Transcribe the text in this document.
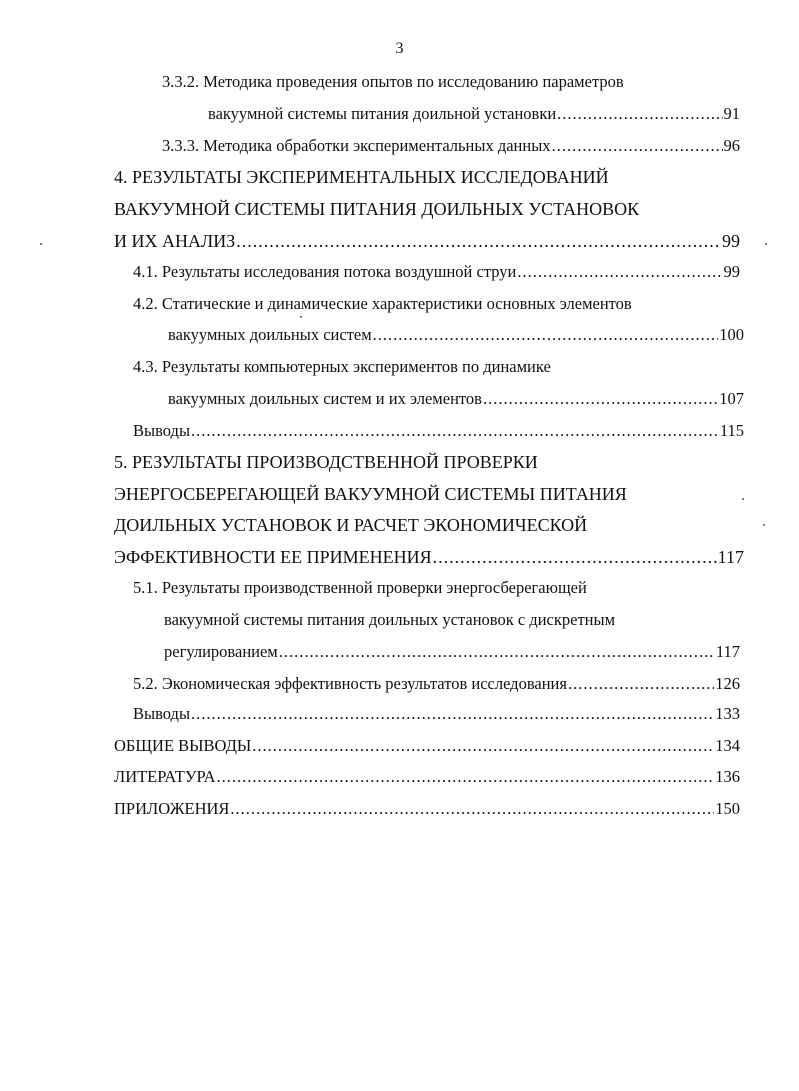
3
3.3.2. Методика проведения опытов по исследованию параметров
вакуумной системы питания доильной установки .....	91
3.3.3. Методика обработки экспериментальных данных .....	96
4. РЕЗУЛЬТАТЫ ЭКСПЕРИМЕНТАЛЬНЫХ ИССЛЕДОВАНИЙ
ВАКУУМНОЙ СИСТЕМЫ ПИТАНИЯ ДОИЛЬНЫХ УСТАНОВОК
И ИХ АНАЛИЗ .....	99
4.1. Результаты исследования потока воздушной струи .....	99
4.2. Статические и динамические характеристики основных элементов
вакуумных доильных систем .....	100
4.3. Результаты компьютерных экспериментов по динамике
вакуумных доильных систем и их элементов .....	107
Выводы .....	115
5. РЕЗУЛЬТАТЫ ПРОИЗВОДСТВЕННОЙ ПРОВЕРКИ
ЭНЕРГОСБЕРЕГАЮЩЕЙ ВАКУУМНОЙ СИСТЕМЫ ПИТАНИЯ
ДОИЛЬНЫХ УСТАНОВОК И РАСЧЕТ ЭКОНОМИЧЕСКОЙ
ЭФФЕКТИВНОСТИ ЕЕ ПРИМЕНЕНИЯ .....	117
5.1. Результаты производственной проверки энергосберегающей
вакуумной системы питания доильных установок с дискретным
регулированием .....	117
5.2. Экономическая эффективность результатов исследования .....	126
Выводы .....	133
ОБЩИЕ ВЫВОДЫ .....	134
ЛИТЕРАТУРА .....	136
ПРИЛОЖЕНИЯ .....	150
